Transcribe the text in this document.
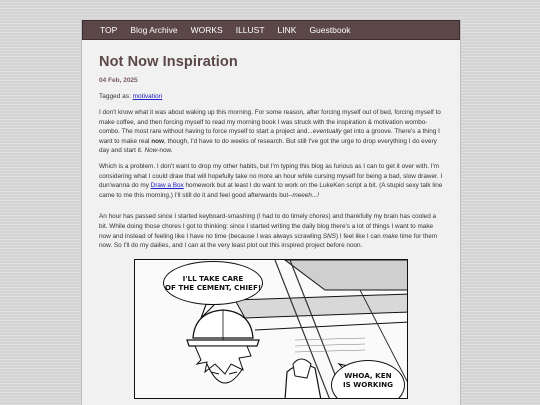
TOP Blog Archive WORKS ILLUST LINK Guestbook
Not Now Inspiration
04 Feb, 2025
Tagged as: motivation

I don't know what it was about waking up this morning. For some reason, after forcing myself out of bed, forcing myself to make coffee, and then forcing myself to read my morning book I was struck with the inspiration & motivation wombo-combo. The most rare without having to force myself to start a project and...eventually get into a groove. There's a thing I want to make real now, though, I'd have to do weeks of research. But still I've got the urge to drop everything I do every day and start it. Now-now.

Which is a problem. I don't want to drop my other habits, but I'm typing this blog as furious as I can to get it over with. I'm considering what I could draw that will hopefully take no more an hour while cursing myself for being a bad, slow drawer. I dun'wanna do my Draw a Box homework but at least I do want to work on the LukeKen script a bit. (A stupid sexy talk line came to me this morning.) I'll still do it and feel good afterwards but--meeeh...!

An hour has passed since I started keyboard-smashing (I had to do timely chores) and thankfully my brain has cooled a bit. While doing those chores I got to thinking: since I started writing the daily blog there's a lot of things I want to make now and instead of feeling like I have no time (because I was always scrawling SNS) I feel like I can make time for them now. So I'll do my dailies, and I can at the very least plot out this inspired project before noon.

I'LL TAKE CARE
OF THE CEMENT, CHIEF!
WHOA, KEN
IS WORKING
